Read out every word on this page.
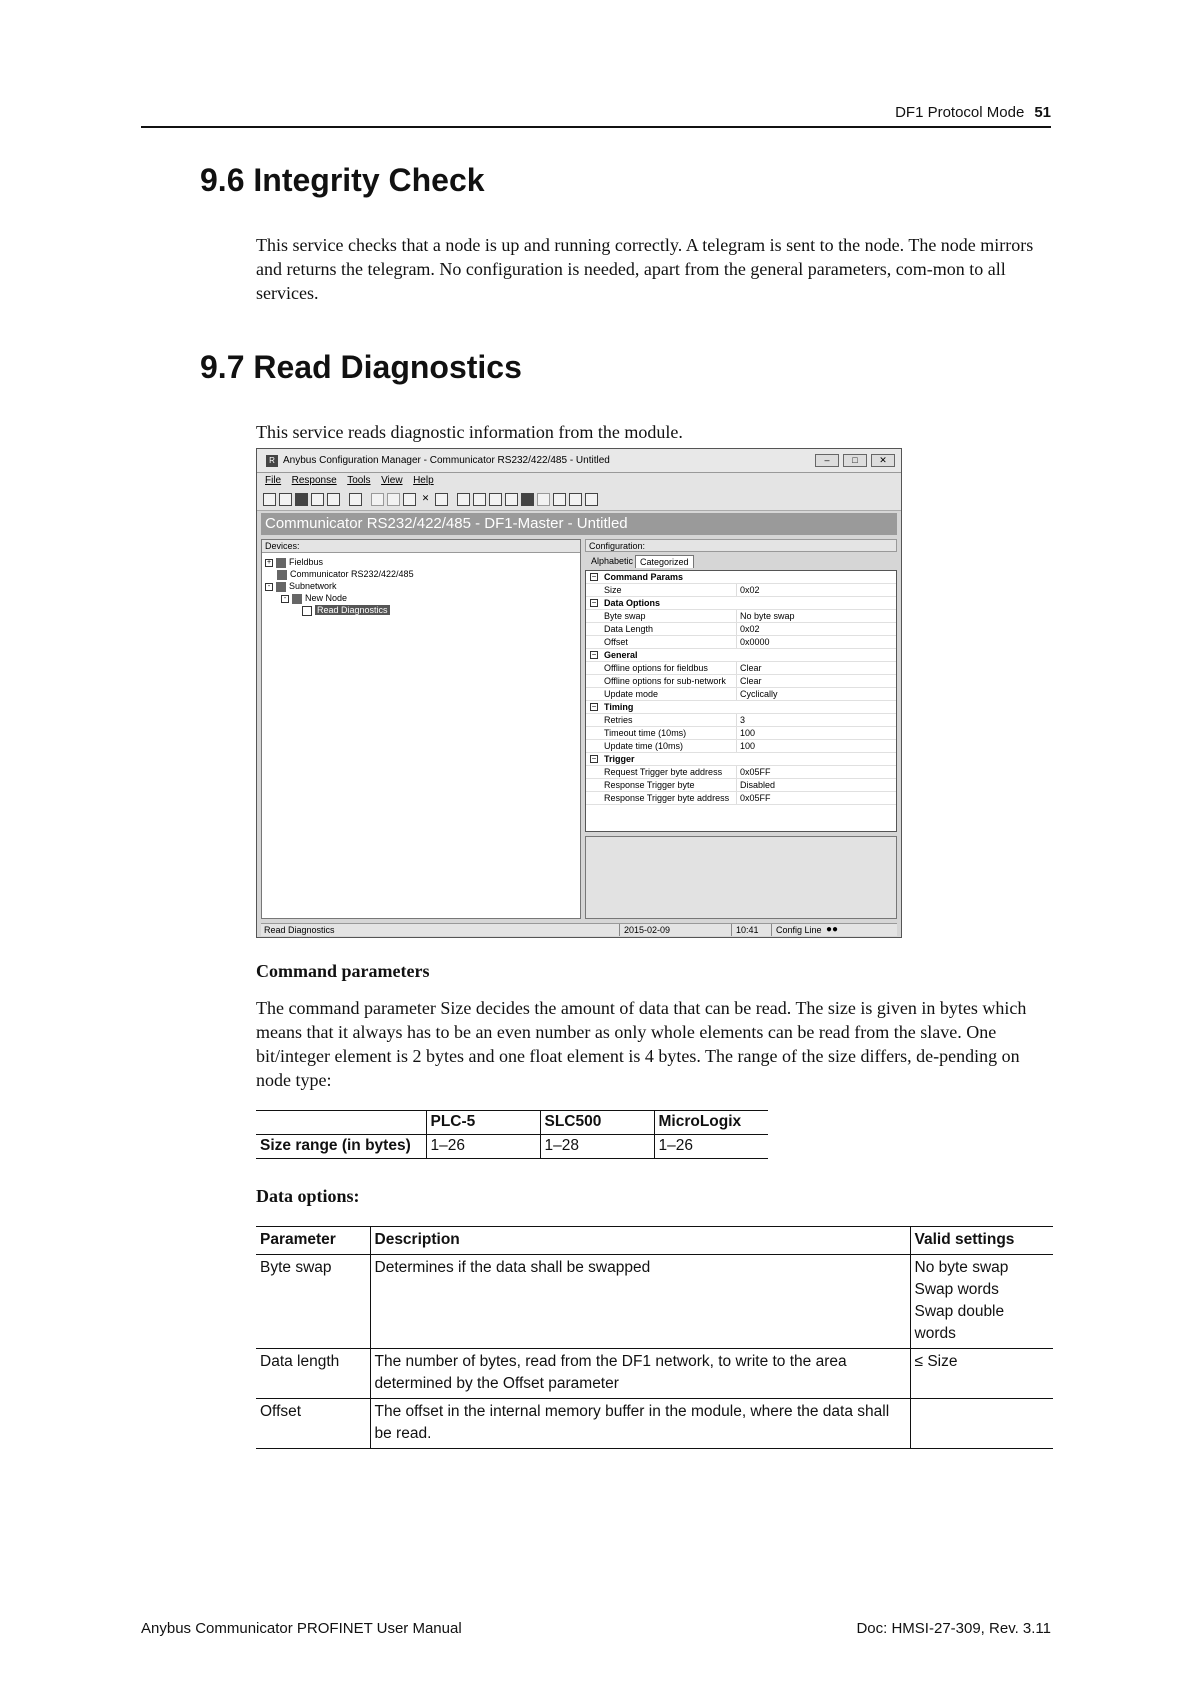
DF1 Protocol Mode 51
9.6 Integrity Check

This service checks that a node is up and running correctly. A telegram is sent to the node. The node mirrors and returns the telegram. No configuration is needed, apart from the general parameters, com-mon to all services.

9.7 Read Diagnostics

This service reads diagnostic information from the module.

R Anybus Configuration Manager - Communicator RS232/422/485 - Untitled	–	□	✕
File Response Tools View Help
✕
Communicator RS232/422/485 - DF1-Master - Untitled
Devices:
+ Fieldbus
Communicator RS232/422/485
- Subnetwork
- New Node
Read Diagnostics
Configuration:
Alphabetic Categorized
− Command Params
Size	0x02
− Data Options
Byte swap	No byte swap
Data Length	0x02
Offset	0x0000
− General
Offline options for fieldbus	Clear
Offline options for sub-network	Clear
Update mode	Cyclically
− Timing
Retries	3
Timeout time (10ms)	100
Update time (10ms)	100
− Trigger
Request Trigger byte address	0x05FF
Response Trigger byte	Disabled
Response Trigger byte address	0x05FF
Read Diagnostics	2015-02-09	10:41	Config Line ●●
Command parameters

The command parameter Size decides the amount of data that can be read. The size is given in bytes which means that it always has to be an even number as only whole elements can be read from the slave. One bit/integer element is 2 bytes and one float element is 4 bytes. The range of the size differs, de-pending on node type:

	PLC-5	SLC500	MicroLogix
Size range (in bytes)	1–26	1–28	1–26
Data options:
Parameter	Description	Valid settings
Byte swap	Determines if the data shall be swapped	No byte swap
Swap words
Swap double words

Data length	The number of bytes, read from the DF1 network, to write to the area determined by the Offset parameter	≤ Size

Offset	The offset in the internal memory buffer in the module, where the data shall be read.	
Anybus Communicator PROFINET User Manual	Doc: HMSI-27-309, Rev. 3.11
